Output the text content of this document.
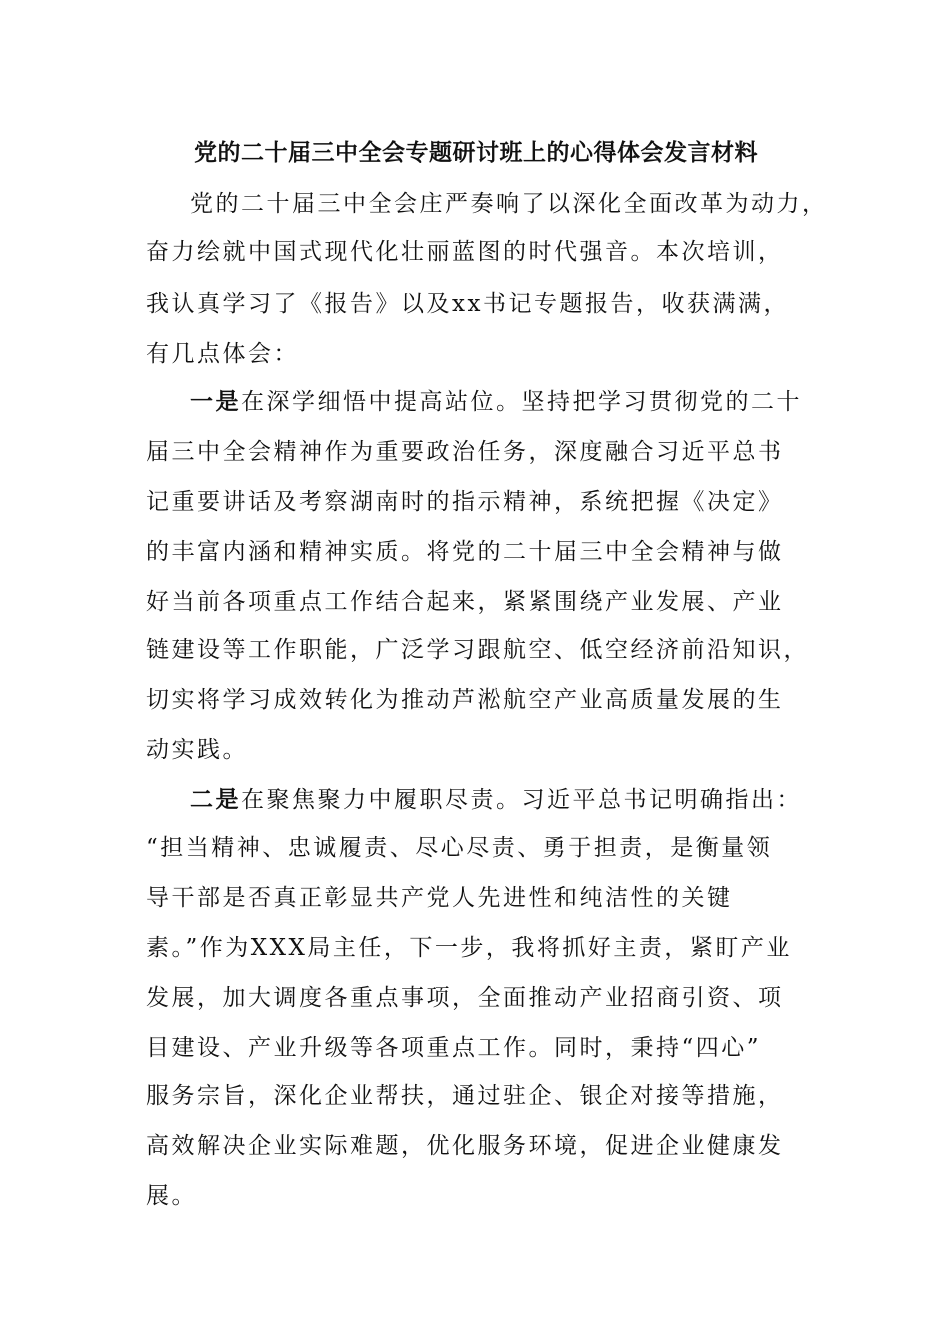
党的二十届三中全会专题研讨班上的心得体会发言材料
党的二十届三中全会庄严奏响了以深化全面改革为动力，
奋力绘就中国式现代化壮丽蓝图的时代强音。本次培训，
我认真学习了《报告》以及xx书记专题报告，收获满满，
有几点体会：
一是在深学细悟中提高站位。坚持把学习贯彻党的二十
届三中全会精神作为重要政治任务，深度融合习近平总书
记重要讲话及考察湖南时的指示精神，系统把握《决定》
的丰富内涵和精神实质。将党的二十届三中全会精神与做
好当前各项重点工作结合起来，紧紧围绕产业发展、产业
链建设等工作职能，广泛学习跟航空、低空经济前沿知识，
切实将学习成效转化为推动芦淞航空产业高质量发展的生
动实践。
二是在聚焦聚力中履职尽责。习近平总书记明确指出：
“担当精神、忠诚履责、尽心尽责、勇于担责，是衡量领
导干部是否真正彰显共产党人先进性和纯洁性的关键
素。”作为XXX局主任，下一步，我将抓好主责，紧盯产业
发展，加大调度各重点事项，全面推动产业招商引资、项
目建设、产业升级等各项重点工作。同时，秉持“四心”
服务宗旨，深化企业帮扶，通过驻企、银企对接等措施，
高效解决企业实际难题，优化服务环境，促进企业健康发
展。
